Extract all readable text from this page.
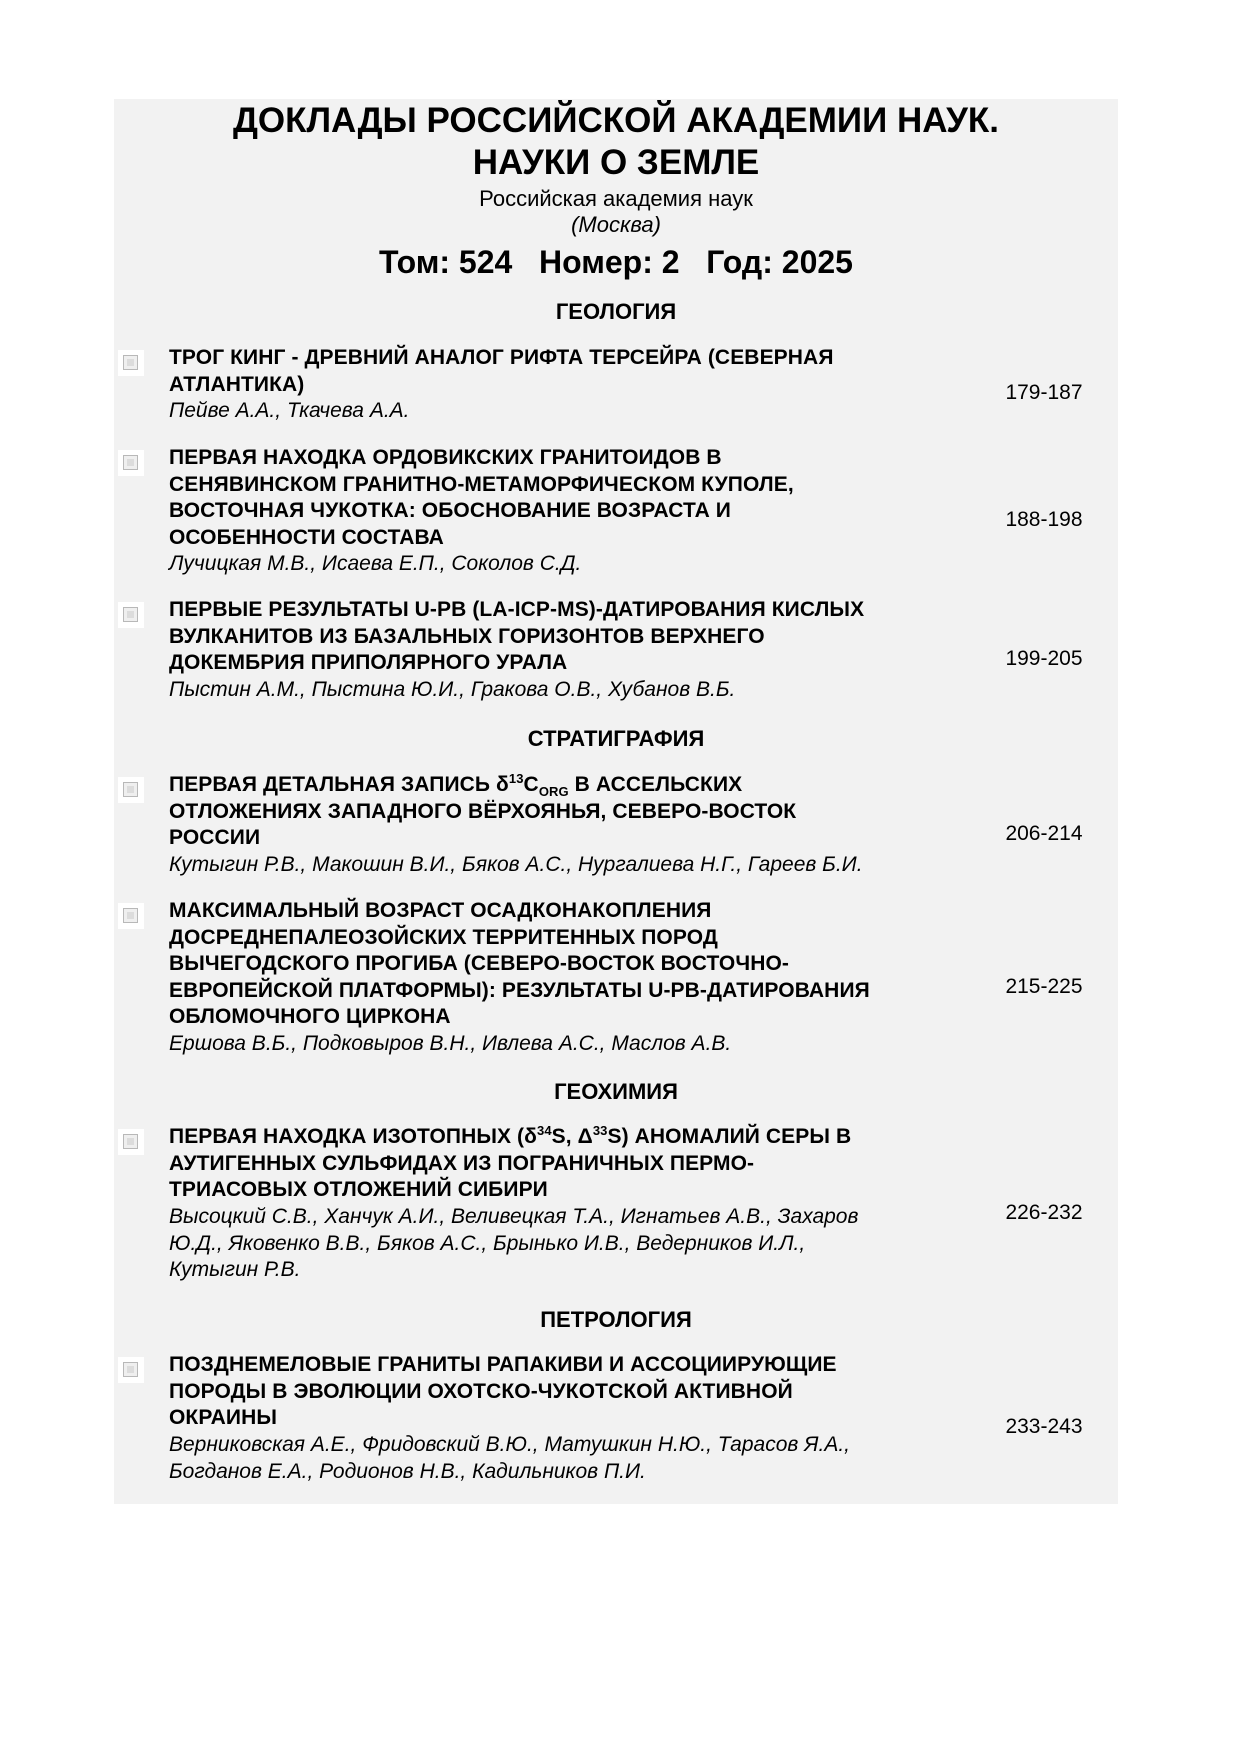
ДОКЛАДЫ РОССИЙСКОЙ АКАДЕМИИ НАУК.
НАУКИ О ЗЕМЛЕ
Российская академия наук
(Москва)
Том: 524   Номер: 2   Год: 2025
ГЕОЛОГИЯ
ТРОГ КИНГ - ДРЕВНИЙ АНАЛОГ РИФТА ТЕРСЕЙРА (СЕВЕРНАЯ
АТЛАНТИКА)
Пейве А.А., Ткачева А.А.
179-187
ПЕРВАЯ НАХОДКА ОРДОВИКСКИХ ГРАНИТОИДОВ В
СЕНЯВИНСКОМ ГРАНИТНО-МЕТАМОРФИЧЕСКОМ КУПОЛЕ,
ВОСТОЧНАЯ ЧУКОТКА: ОБОСНОВАНИЕ ВОЗРАСТА И
ОСОБЕННОСТИ СОСТАВА
Лучицкая М.В., Исаева Е.П., Соколов С.Д.
188-198
ПЕРВЫЕ РЕЗУЛЬТАТЫ U-PB (LA-ICP-MS)-ДАТИРОВАНИЯ КИСЛЫХ
ВУЛКАНИТОВ ИЗ БАЗАЛЬНЫХ ГОРИЗОНТОВ ВЕРХНЕГО
ДОКЕМБРИЯ ПРИПОЛЯРНОГО УРАЛА
Пыстин А.М., Пыстина Ю.И., Гракова О.В., Хубанов В.Б.
199-205
СТРАТИГРАФИЯ
ПЕРВАЯ ДЕТАЛЬНАЯ ЗАПИСЬ $\delta^{13}C_{ORG}$ В АССЕЛЬСКИХ
ОТЛОЖЕНИЯХ ЗАПАДНОГО ВЁРХОЯНЬЯ, СЕВЕРО-ВОСТОК
РОССИИ
Кутыгин Р.В., Макошин В.И., Бяков А.С., Нургалиева Н.Г., Гареев Б.И.
206-214
МАКСИМАЛЬНЫЙ ВОЗРАСТ ОСАДКОНАКОПЛЕНИЯ
ДОСРЕДНЕПАЛЕОЗОЙСКИХ ТЕРРИТЕННЫХ ПОРОД
ВЫЧЕГОДСКОГО ПРОГИБА (СЕВЕРО-ВОСТОК ВОСТОЧНО-
ЕВРОПЕЙСКОЙ ПЛАТФОРМЫ): РЕЗУЛЬТАТЫ U-PB-ДАТИРОВАНИЯ
ОБЛОМОЧНОГО ЦИРКОНА
Ершова В.Б., Подковыров В.Н., Ивлева А.С., Маслов А.В.
215-225
ГЕОХИМИЯ
ПЕРВАЯ НАХОДКА ИЗОТОПНЫХ ($\delta^{34}S$, $\Delta^{33}S$) АНОМАЛИЙ СЕРЫ В
АУТИГЕННЫХ СУЛЬФИДАХ ИЗ ПОГРАНИЧНЫХ ПЕРМО-
ТРИАСОВЫХ ОТЛОЖЕНИЙ СИБИРИ
Высоцкий С.В., Ханчук А.И., Веливецкая Т.А., Игнатьев А.В., Захаров
Ю.Д., Яковенко В.В., Бяков А.С., Брынько И.В., Ведерников И.Л.,
Кутыгин Р.В.
226-232
ПЕТРОЛОГИЯ
ПОЗДНЕМЕЛОВЫЕ ГРАНИТЫ РАПАКИВИ И АССОЦИИРУЮЩИЕ
ПОРОДЫ В ЭВОЛЮЦИИ ОХОТСКО-ЧУКОТСКОЙ АКТИВНОЙ
ОКРАИНЫ
Верниковская А.Е., Фридовский В.Ю., Матушкин Н.Ю., Тарасов Я.А.,
Богданов Е.А., Родионов Н.В., Кадильников П.И.
233-243
